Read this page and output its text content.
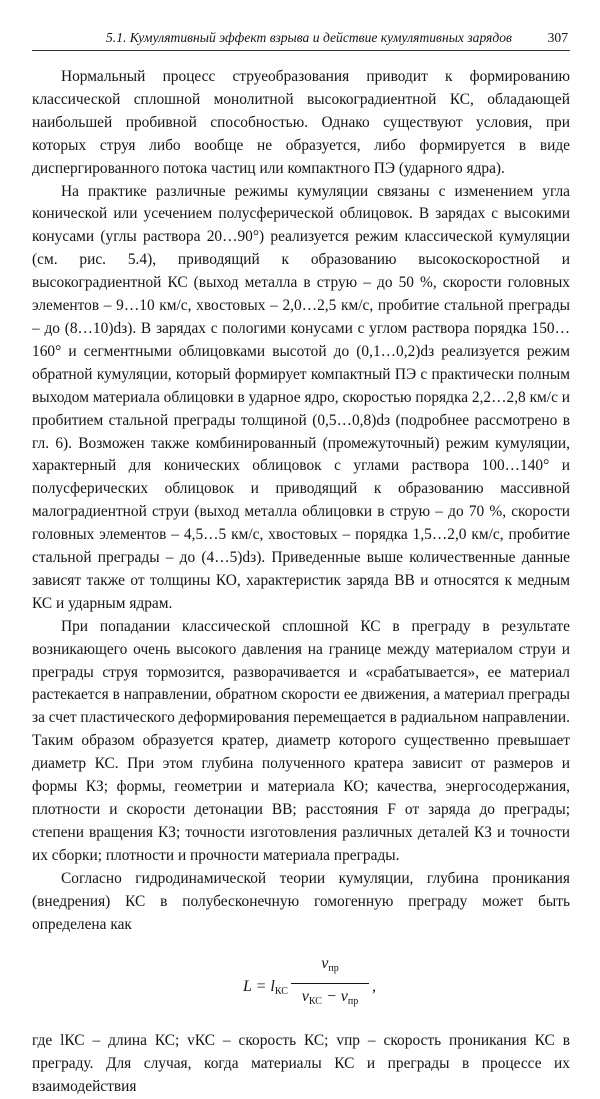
5.1. Кумулятивный эффект взрыва и действие кумулятивных зарядов	307

Нормальный процесс струеобразования приводит к формированию классической сплошной монолитной высокоградиентной КС, обладающей наибольшей пробивной способностью. Однако существуют условия, при которых струя либо вообще не образуется, либо формируется в виде диспергированного потока частиц или компактного ПЭ (ударного ядра).

На практике различные режимы кумуляции связаны с изменением угла конической или усечением полусферической облицовок. В зарядах с высокими конусами (углы раствора 20…90°) реализуется режим классической кумуляции (см. рис. 5.4), приводящий к образованию высокоскоростной и высокоградиентной КС (выход металла в струю – до 50 %, скорости головных элементов – 9…10 км/с, хвостовых – 2,0…2,5 км/с, пробитие стальной преграды – до (8…10)dз). В зарядах с пологими конусами с углом раствора порядка 150…160° и сегментными облицовками высотой до (0,1…0,2)dз реализуется режим обратной кумуляции, который формирует компактный ПЭ с практически полным выходом материала облицовки в ударное ядро, скоростью порядка 2,2…2,8 км/с и пробитием стальной преграды толщиной (0,5…0,8)dз (подробнее рассмотрено в гл. 6). Возможен также комбинированный (промежуточный) режим кумуляции, характерный для конических облицовок с углами раствора 100…140° и полусферических облицовок и приводящий к образованию массивной малоградиентной струи (выход металла облицовки в струю – до 70 %, скорости головных элементов – 4,5…5 км/с, хвостовых – порядка 1,5…2,0 км/с, пробитие стальной преграды – до (4…5)dз). Приведенные выше количественные данные зависят также от толщины КО, характеристик заряда ВВ и относятся к медным КС и ударным ядрам.

При попадании классической сплошной КС в преграду в результате возникающего очень высокого давления на границе между материалом струи и преграды струя тормозится, разворачивается и «срабатывается», ее материал растекается в направлении, обратном скорости ее движения, а материал преграды за счет пластического деформирования перемещается в радиальном направлении. Таким образом образуется кратер, диаметр которого существенно превышает диаметр КС. При этом глубина полученного кратера зависит от размеров и формы КЗ; формы, геометрии и материала КО; качества, энергосодержания, плотности и скорости детонации ВВ; расстояния F от заряда до преграды; степени вращения КЗ; точности изготовления различных деталей КЗ и точности их сборки; плотности и прочности материала преграды.

Согласно гидродинамической теории кумуляции, глубина проникания (внедрения) КС в полубесконечную гомогенную преграду может быть определена как

$L = l_{КС}$
$v_{пр}$
$v_{КС} - v_{пр}$
,

где lКС – длина КС; vКС – скорость КС; vпр – скорость проникания КС в преграду. Для случая, когда материалы КС и преграды в процессе их взаимодействия
